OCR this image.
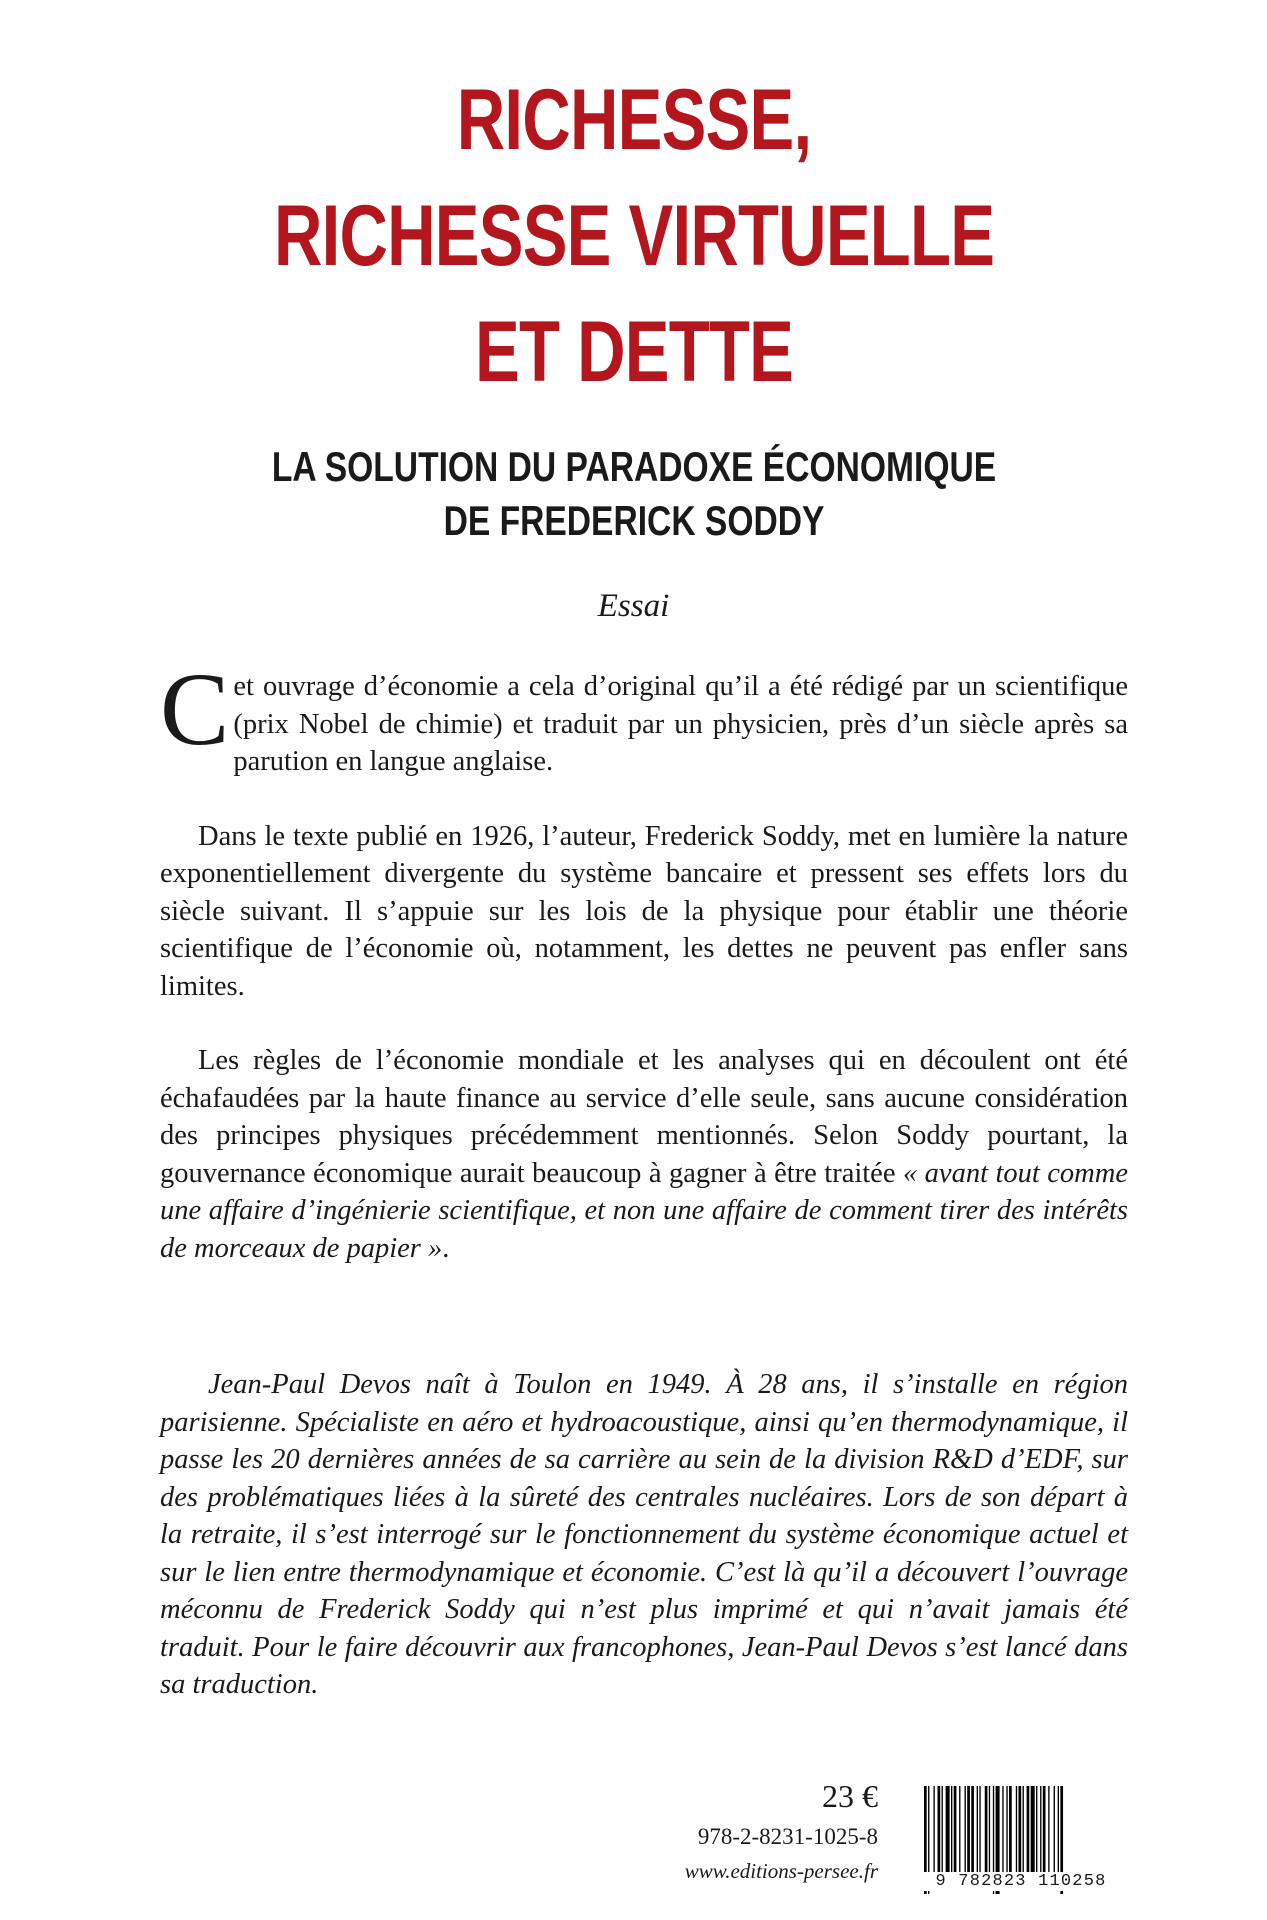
RICHESSE,
RICHESSE VIRTUELLE
ET DETTE
LA SOLUTION DU PARADOXE ÉCONOMIQUE
DE FREDERICK SODDY
Essai

Cet ouvrage d’économie a cela d’original qu’il a été rédigé par un scientifique (prix Nobel de chimie) et traduit par un physicien, près d’un siècle après sa parution en langue anglaise.

Dans le texte publié en 1926, l’auteur, Frederick Soddy, met en lumière la nature exponentiellement divergente du système bancaire et pressent ses effets lors du siècle suivant. Il s’appuie sur les lois de la physique pour établir une théorie scientifique de l’économie où, notamment, les dettes ne peuvent pas enfler sans limites.

Les règles de l’économie mondiale et les analyses qui en découlent ont été échafaudées par la haute finance au service d’elle seule, sans aucune considération des principes physiques précédemment mentionnés. Selon Soddy pourtant, la gouvernance économique aurait beaucoup à gagner à être traitée « avant tout comme une affaire d’ingénierie scientifique, et non une affaire de comment tirer des intérêts de morceaux de papier ».

Jean-Paul Devos naît à Toulon en 1949. À 28 ans, il s’installe en région parisienne. Spécialiste en aéro et hydroacoustique, ainsi qu’en thermodynamique, il passe les 20 dernières années de sa carrière au sein de la division R&D d’EDF, sur des problématiques liées à la sûreté des centrales nucléaires. Lors de son départ à la retraite, il s’est interrogé sur le fonctionnement du système économique actuel et sur le lien entre thermodynamique et économie. C’est là qu’il a découvert l’ouvrage méconnu de Frederick Soddy qui n’est plus imprimé et qui n’avait jamais été traduit. Pour le faire découvrir aux francophones, Jean-Paul Devos s’est lancé dans sa traduction.
23 €
978-2-8231-1025-8
www.editions-persee.fr	9 782823 110258
